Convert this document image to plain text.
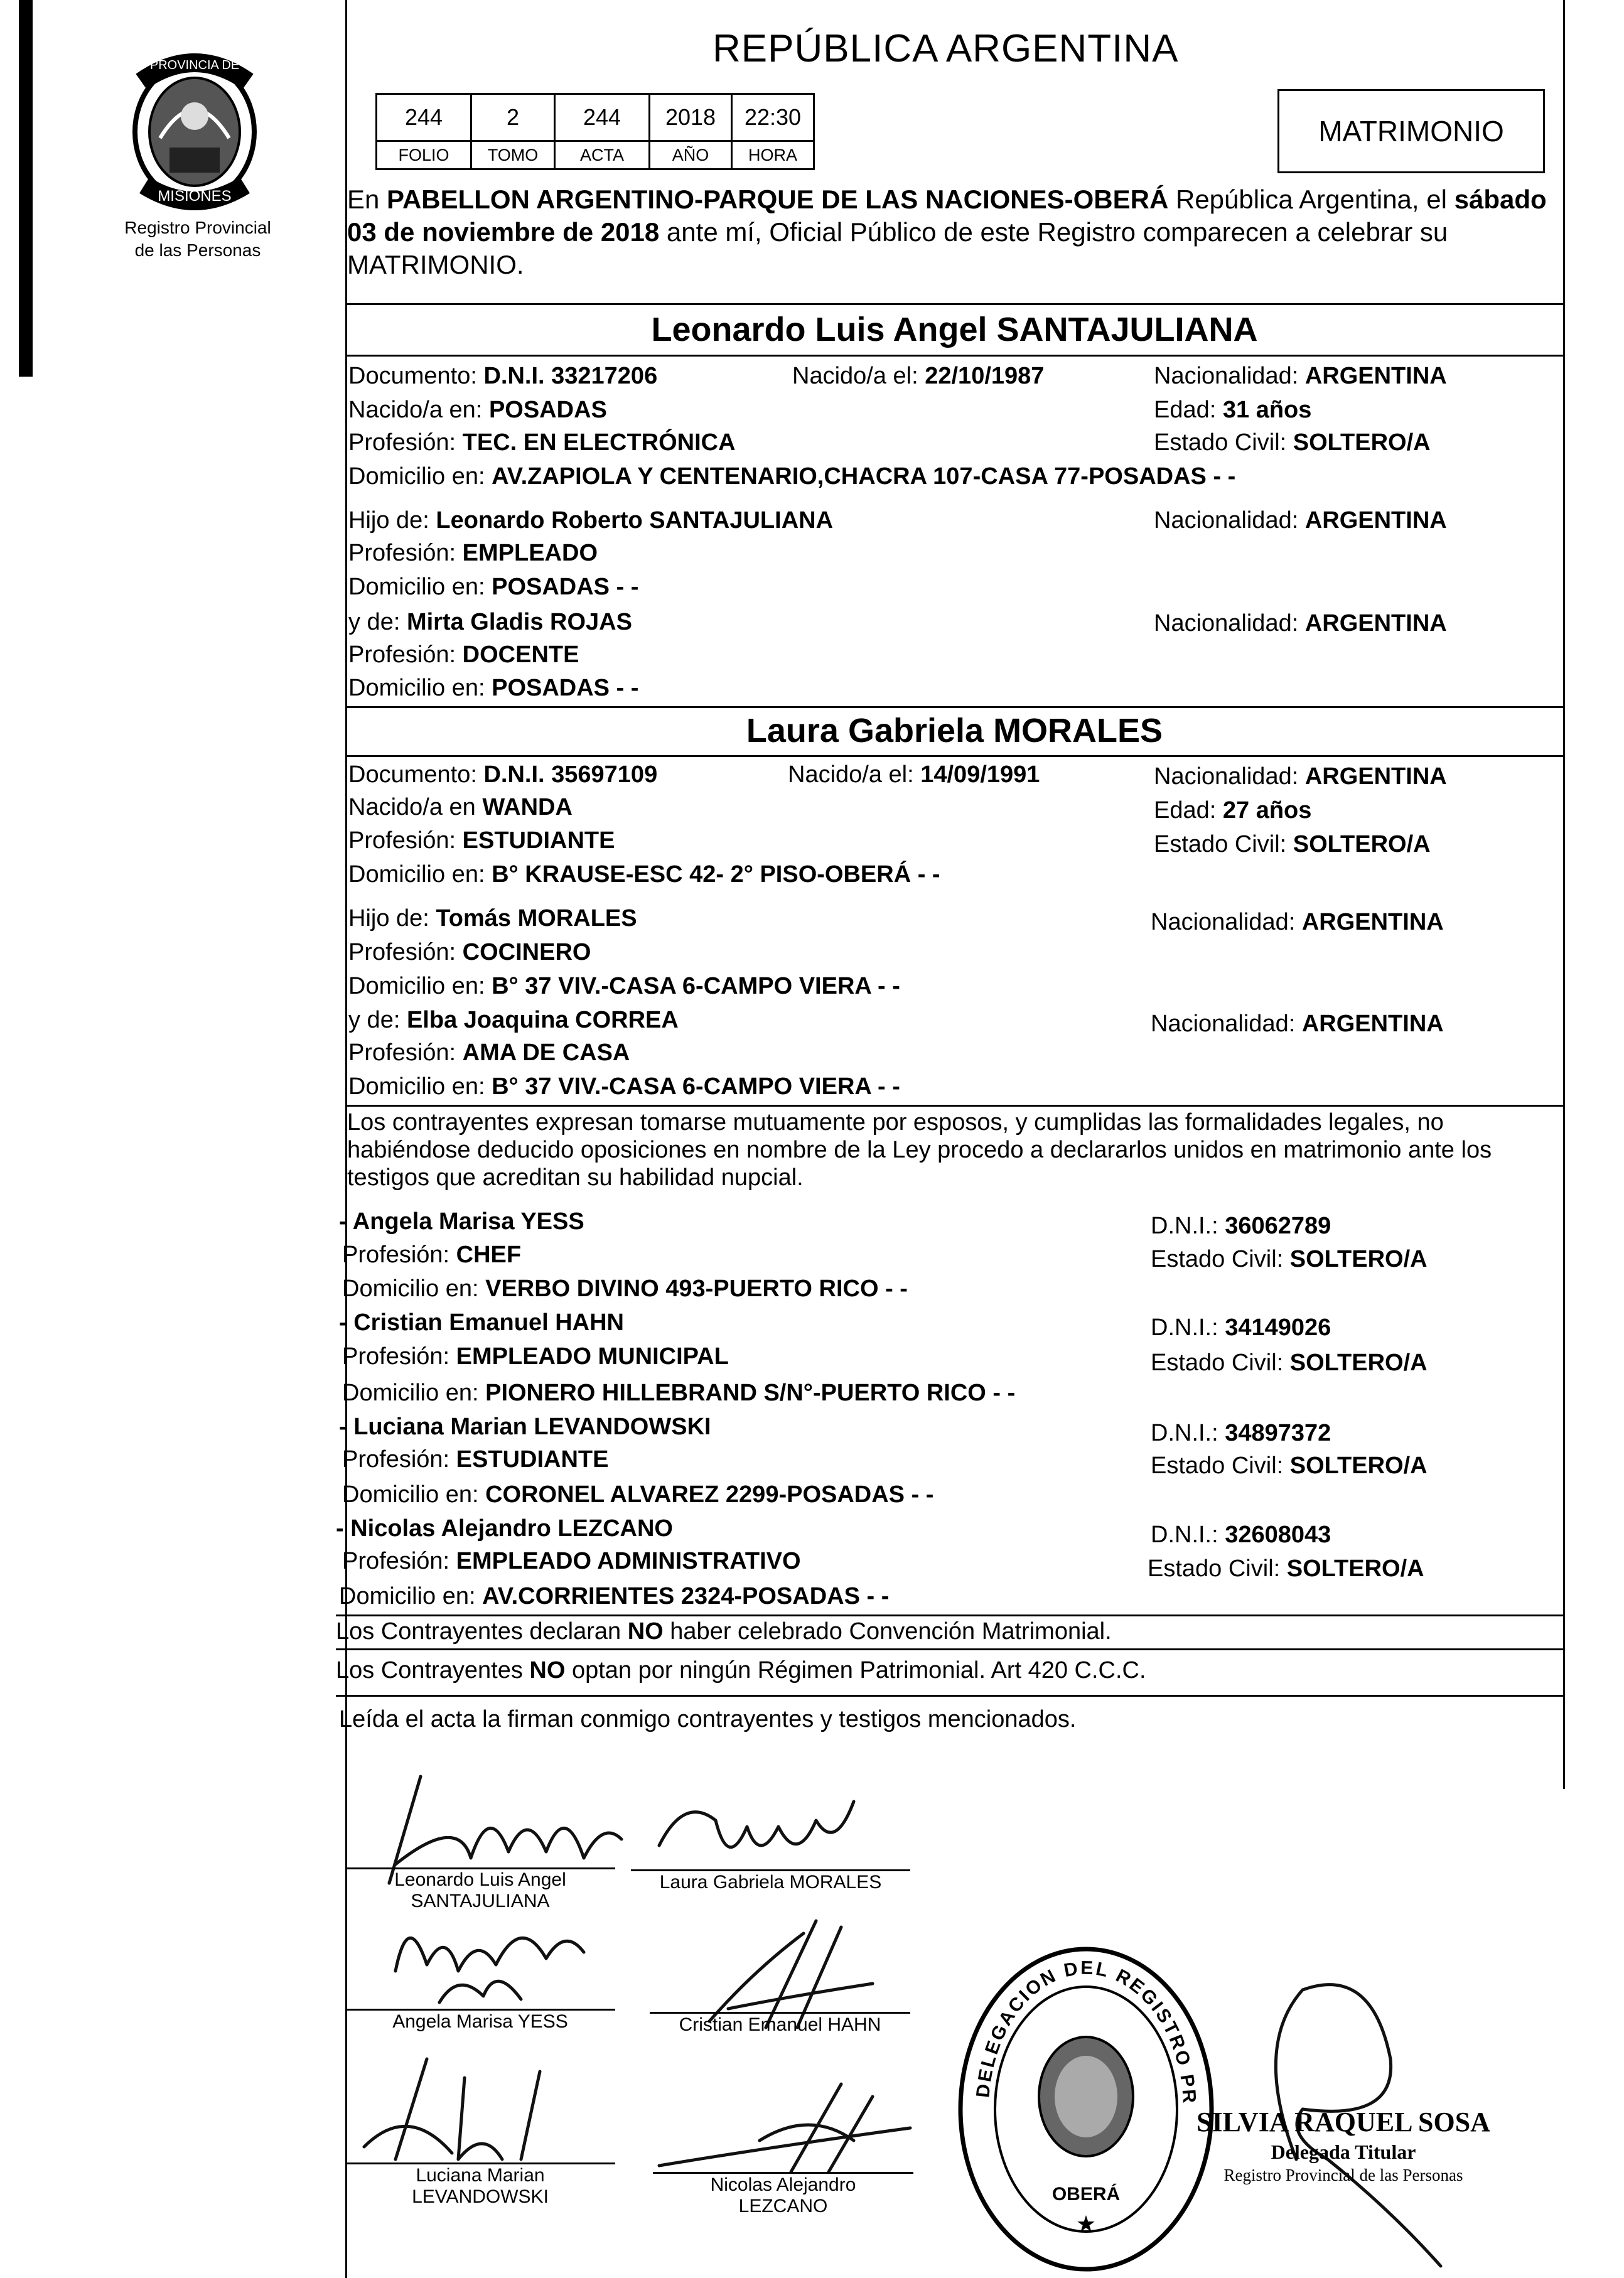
PROVINCIA DE
MISIONES
Registro Provincial
de las Personas
REPÚBLICA ARGENTINA
244	2	244	2018	22:30
FOLIO	TOMO	ACTA	AÑO	HORA
MATRIMONIO
En PABELLON ARGENTINO-PARQUE DE LAS NACIONES-OBERÁ República Argentina, el sábado 03 de noviembre de 2018 ante mí, Oficial Público de este Registro comparecen a celebrar su MATRIMONIO.
Leonardo Luis Angel SANTAJULIANA
Documento: D.N.I. 33217206	Nacido/a el: 22/10/1987	Nacionalidad: ARGENTINA
Nacido/a en: POSADAS	Edad: 31 años
Profesión: TEC. EN ELECTRÓNICA	Estado Civil: SOLTERO/A
Domicilio en: AV.ZAPIOLA Y CENTENARIO,CHACRA 107-CASA 77-POSADAS - -
Hijo de: Leonardo Roberto SANTAJULIANA	Nacionalidad: ARGENTINA
Profesión: EMPLEADO
Domicilio en: POSADAS - -
y de: Mirta Gladis ROJAS	Nacionalidad: ARGENTINA
Profesión: DOCENTE
Domicilio en: POSADAS - -
Laura Gabriela MORALES
Documento: D.N.I. 35697109	Nacido/a el: 14/09/1991	Nacionalidad: ARGENTINA
Nacido/a en WANDA	Edad: 27 años
Profesión: ESTUDIANTE	Estado Civil: SOLTERO/A
Domicilio en: B° KRAUSE-ESC 42- 2° PISO-OBERÁ - -
Hijo de: Tomás MORALES	Nacionalidad: ARGENTINA
Profesión: COCINERO
Domicilio en: B° 37 VIV.-CASA 6-CAMPO VIERA - -
y de: Elba Joaquina CORREA	Nacionalidad: ARGENTINA
Profesión: AMA DE CASA
Domicilio en: B° 37 VIV.-CASA 6-CAMPO VIERA - -
Los contrayentes expresan tomarse mutuamente por esposos, y cumplidas las formalidades legales, no habiéndose deducido oposiciones en nombre de la Ley procedo a declararlos unidos en matrimonio ante los testigos que acreditan su habilidad nupcial.
- Angela Marisa YESS	D.N.I.: 36062789
Profesión: CHEF	Estado Civil: SOLTERO/A
Domicilio en: VERBO DIVINO 493-PUERTO RICO - -
- Cristian Emanuel HAHN	D.N.I.: 34149026
Profesión: EMPLEADO MUNICIPAL	Estado Civil: SOLTERO/A
Domicilio en: PIONERO HILLEBRAND S/N°-PUERTO RICO - -
- Luciana Marian LEVANDOWSKI	D.N.I.: 34897372
Profesión: ESTUDIANTE	Estado Civil: SOLTERO/A
Domicilio en: CORONEL ALVAREZ 2299-POSADAS - -
- Nicolas Alejandro LEZCANO	D.N.I.: 32608043
Profesión: EMPLEADO ADMINISTRATIVO	Estado Civil: SOLTERO/A
Domicilio en: AV.CORRIENTES 2324-POSADAS - -
Los Contrayentes declaran NO haber celebrado Convención Matrimonial.
Los Contrayentes NO optan por ningún Régimen Patrimonial. Art 420 C.C.C.
Leída el acta la firman conmigo contrayentes y testigos mencionados.
Leonardo Luis Angel
SANTAJULIANA
Laura Gabriela MORALES
Angela Marisa YESS	Cristian Emanuel HAHN
Luciana Marian
LEVANDOWSKI
Nicolas Alejandro
LEZCANO
DELEGACION DEL REGISTRO PR
OBERÁ
★
SILVIA RAQUEL SOSA
Delegada Titular
Registro Provincial de las Personas
